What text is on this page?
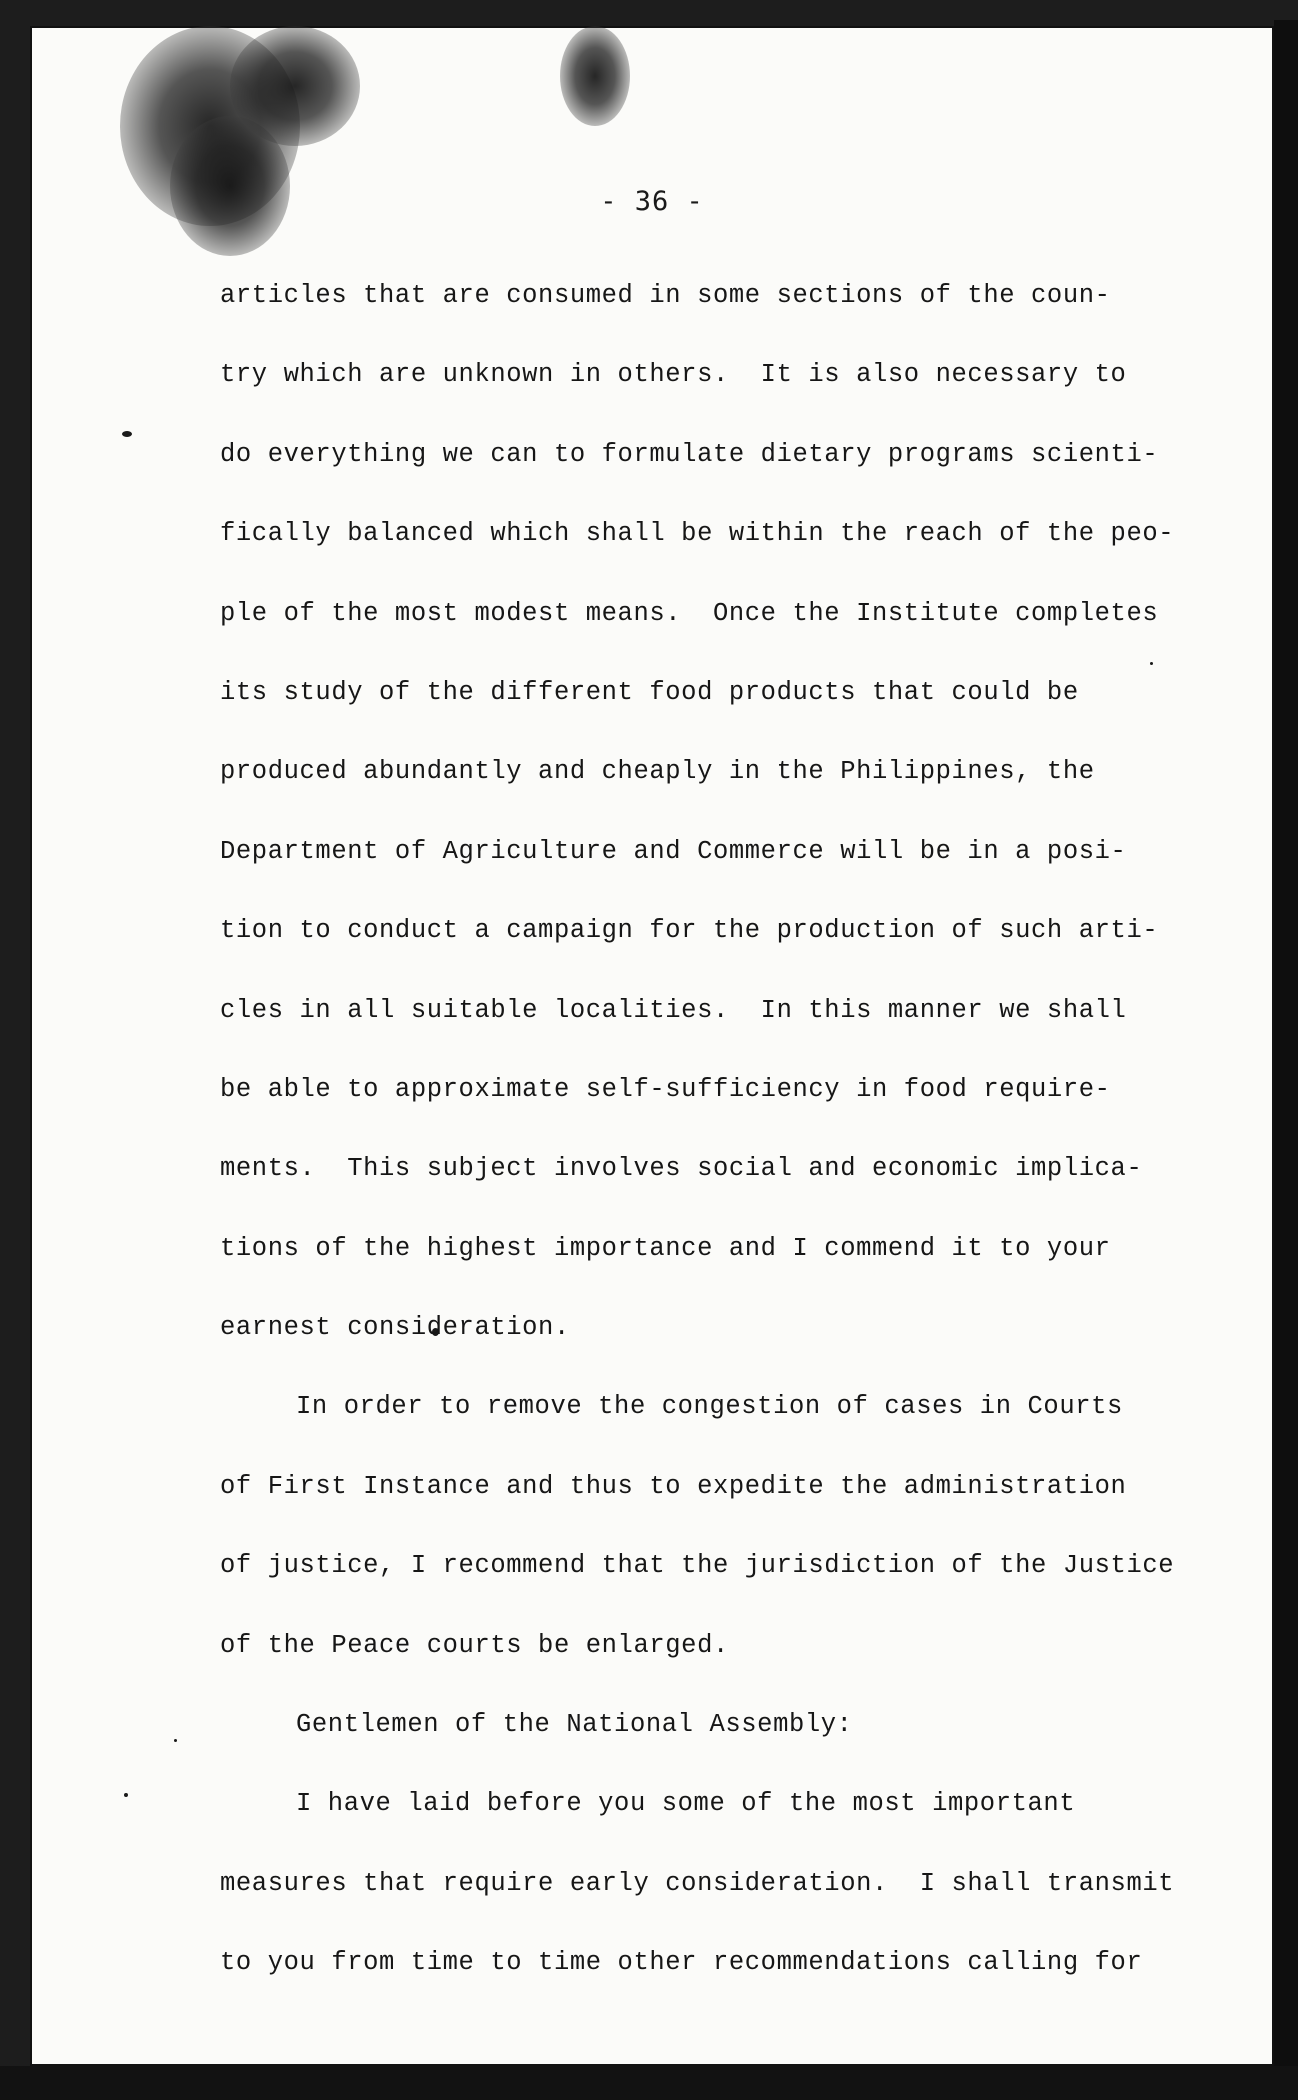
- 36 -
articles that are consumed in some sections of the coun-
try which are unknown in others.  It is also necessary to
do everything we can to formulate dietary programs scienti-
fically balanced which shall be within the reach of the peo-
ple of the most modest means.  Once the Institute completes
its study of the different food products that could be
produced abundantly and cheaply in the Philippines, the
Department of Agriculture and Commerce will be in a posi-
tion to conduct a campaign for the production of such arti-
cles in all suitable localities.  In this manner we shall
be able to approximate self-sufficiency in food require-
ments.  This subject involves social and economic implica-
tions of the highest importance and I commend it to your
earnest consideration.
In order to remove the congestion of cases in Courts
of First Instance and thus to expedite the administration
of justice, I recommend that the jurisdiction of the Justice
of the Peace courts be enlarged.
Gentlemen of the National Assembly:
I have laid before you some of the most important
measures that require early consideration.  I shall transmit
to you from time to time other recommendations calling for
